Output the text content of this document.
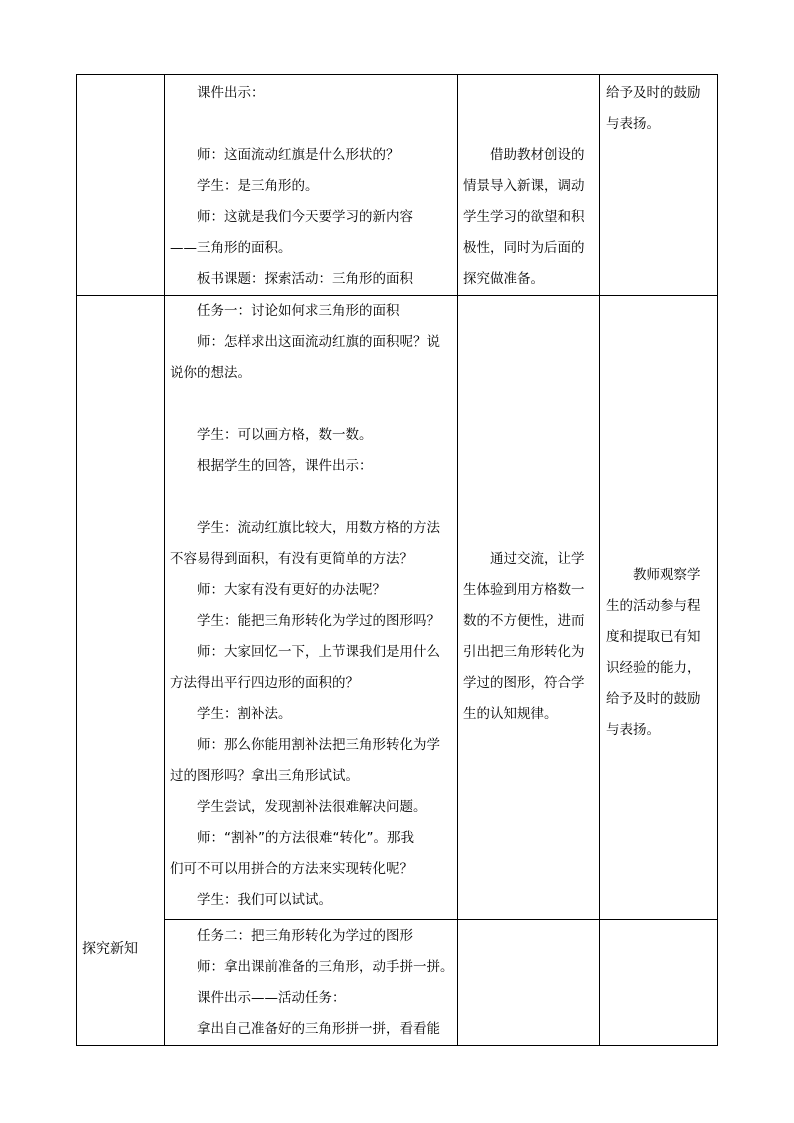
课件出示：

师：这面流动红旗是什么形状的？
学生：是三角形的。
师：这就是我们今天要学习的新内容
——三角形的面积。
板书课题：探索活动：三角形的面积
借助教材创设的
情景导入新课，调动
学生学习的欲望和积
极性，同时为后面的
探究做准备。
给予及时的鼓励
与表扬。
探究新知
任务一：讨论如何求三角形的面积
师：怎样求出这面流动红旗的面积呢？说
说你的想法。

学生：可以画方格，数一数。
根据学生的回答，课件出示：

学生：流动红旗比较大，用数方格的方法
不容易得到面积，有没有更简单的方法？
师：大家有没有更好的办法呢？
学生：能把三角形转化为学过的图形吗？
师：大家回忆一下，上节课我们是用什么
方法得出平行四边形的面积的？
学生：割补法。
师：那么你能用割补法把三角形转化为学
过的图形吗？拿出三角形试试。
学生尝试，发现割补法很难解决问题。
师：“割补”的方法很难“转化”。那我
们可不可以用拼合的方法来实现转化呢？
学生：我们可以试试。
通过交流，让学
生体验到用方格数一
数的不方便性，进而
引出把三角形转化为
学过的图形，符合学
生的认知规律。
教师观察学
生的活动参与程
度和提取已有知
识经验的能力，
给予及时的鼓励
与表扬。
任务二：把三角形转化为学过的图形
师：拿出课前准备的三角形，动手拼一拼。
课件出示——活动任务：
拿出自己准备好的三角形拼一拼，看看能
